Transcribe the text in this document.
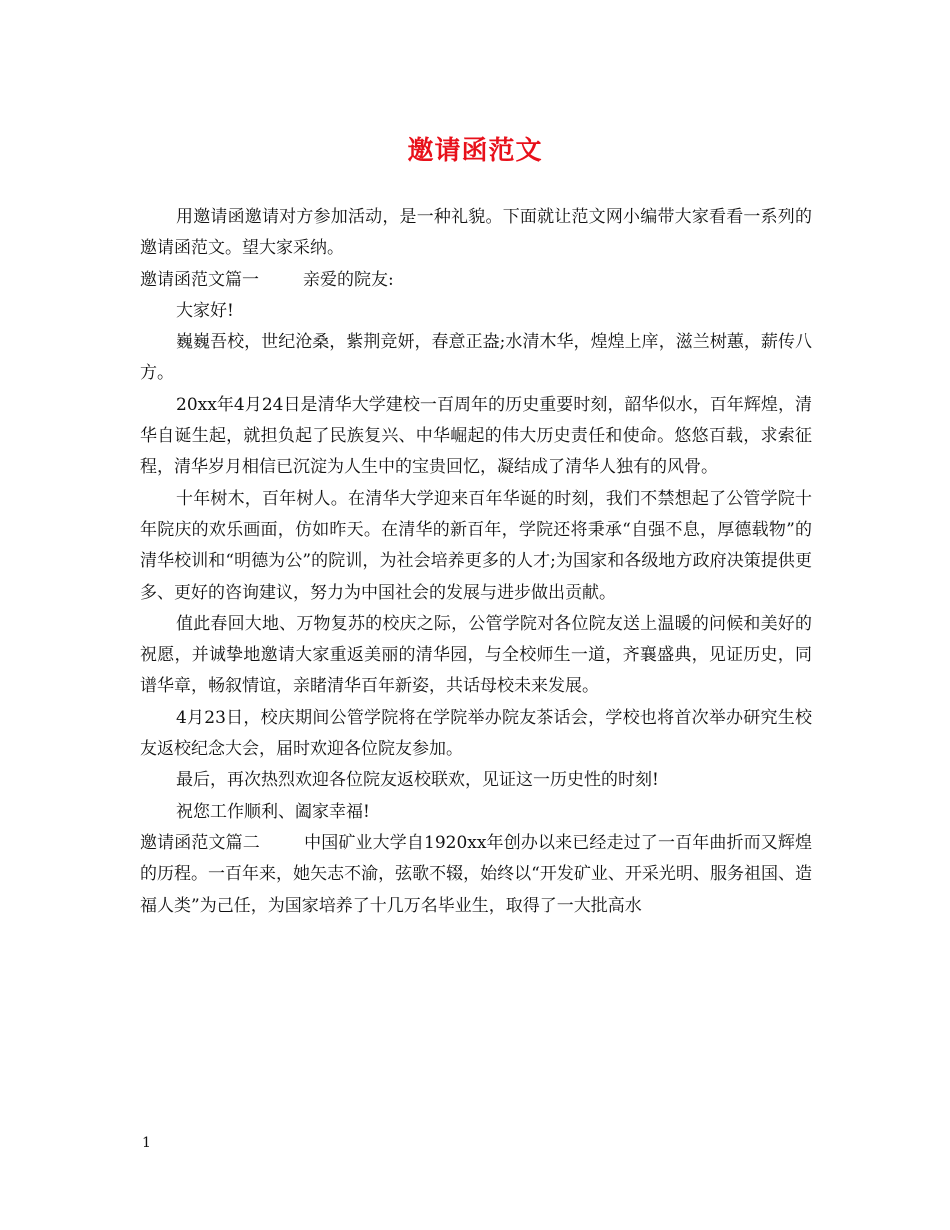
邀请函范文

用邀请函邀请对方参加活动，是一种礼貌。下面就让范文网小编带大家看看一系列的邀请函范文。望大家采纳。

邀请函范文篇一	亲爱的院友:

大家好!

巍巍吾校，世纪沧桑，紫荆竞妍，春意正盎;水清木华，煌煌上庠，滋兰树蕙，薪传八方。

20xx年4月24日是清华大学建校一百周年的历史重要时刻，韶华似水，百年辉煌，清华自诞生起，就担负起了民族复兴、中华崛起的伟大历史责任和使命。悠悠百载，求索征程，清华岁月相信已沉淀为人生中的宝贵回忆，凝结成了清华人独有的风骨。

十年树木，百年树人。在清华大学迎来百年华诞的时刻，我们不禁想起了公管学院十年院庆的欢乐画面，仿如昨天。在清华的新百年，学院还将秉承“自强不息，厚德载物”的清华校训和“明德为公”的院训，为社会培养更多的人才;为国家和各级地方政府决策提供更多、更好的咨询建议，努力为中国社会的发展与进步做出贡献。

值此春回大地、万物复苏的校庆之际，公管学院对各位院友送上温暖的问候和美好的祝愿，并诚挚地邀请大家重返美丽的清华园，与全校师生一道，齐襄盛典，见证历史，同谱华章，畅叙情谊，亲睹清华百年新姿，共话母校未来发展。

4月23日，校庆期间公管学院将在学院举办院友茶话会，学校也将首次举办研究生校友返校纪念大会，届时欢迎各位院友参加。

最后，再次热烈欢迎各位院友返校联欢，见证这一历史性的时刻!

祝您工作顺利、阖家幸福!

邀请函范文篇二	中国矿业大学自1920xx年创办以来已经走过了一百年曲折而又辉煌的历程。一百年来，她矢志不渝，弦歌不辍，始终以“开发矿业、开采光明、服务祖国、造福人类”为己任，为国家培养了十几万名毕业生，取得了一大批高水

1
